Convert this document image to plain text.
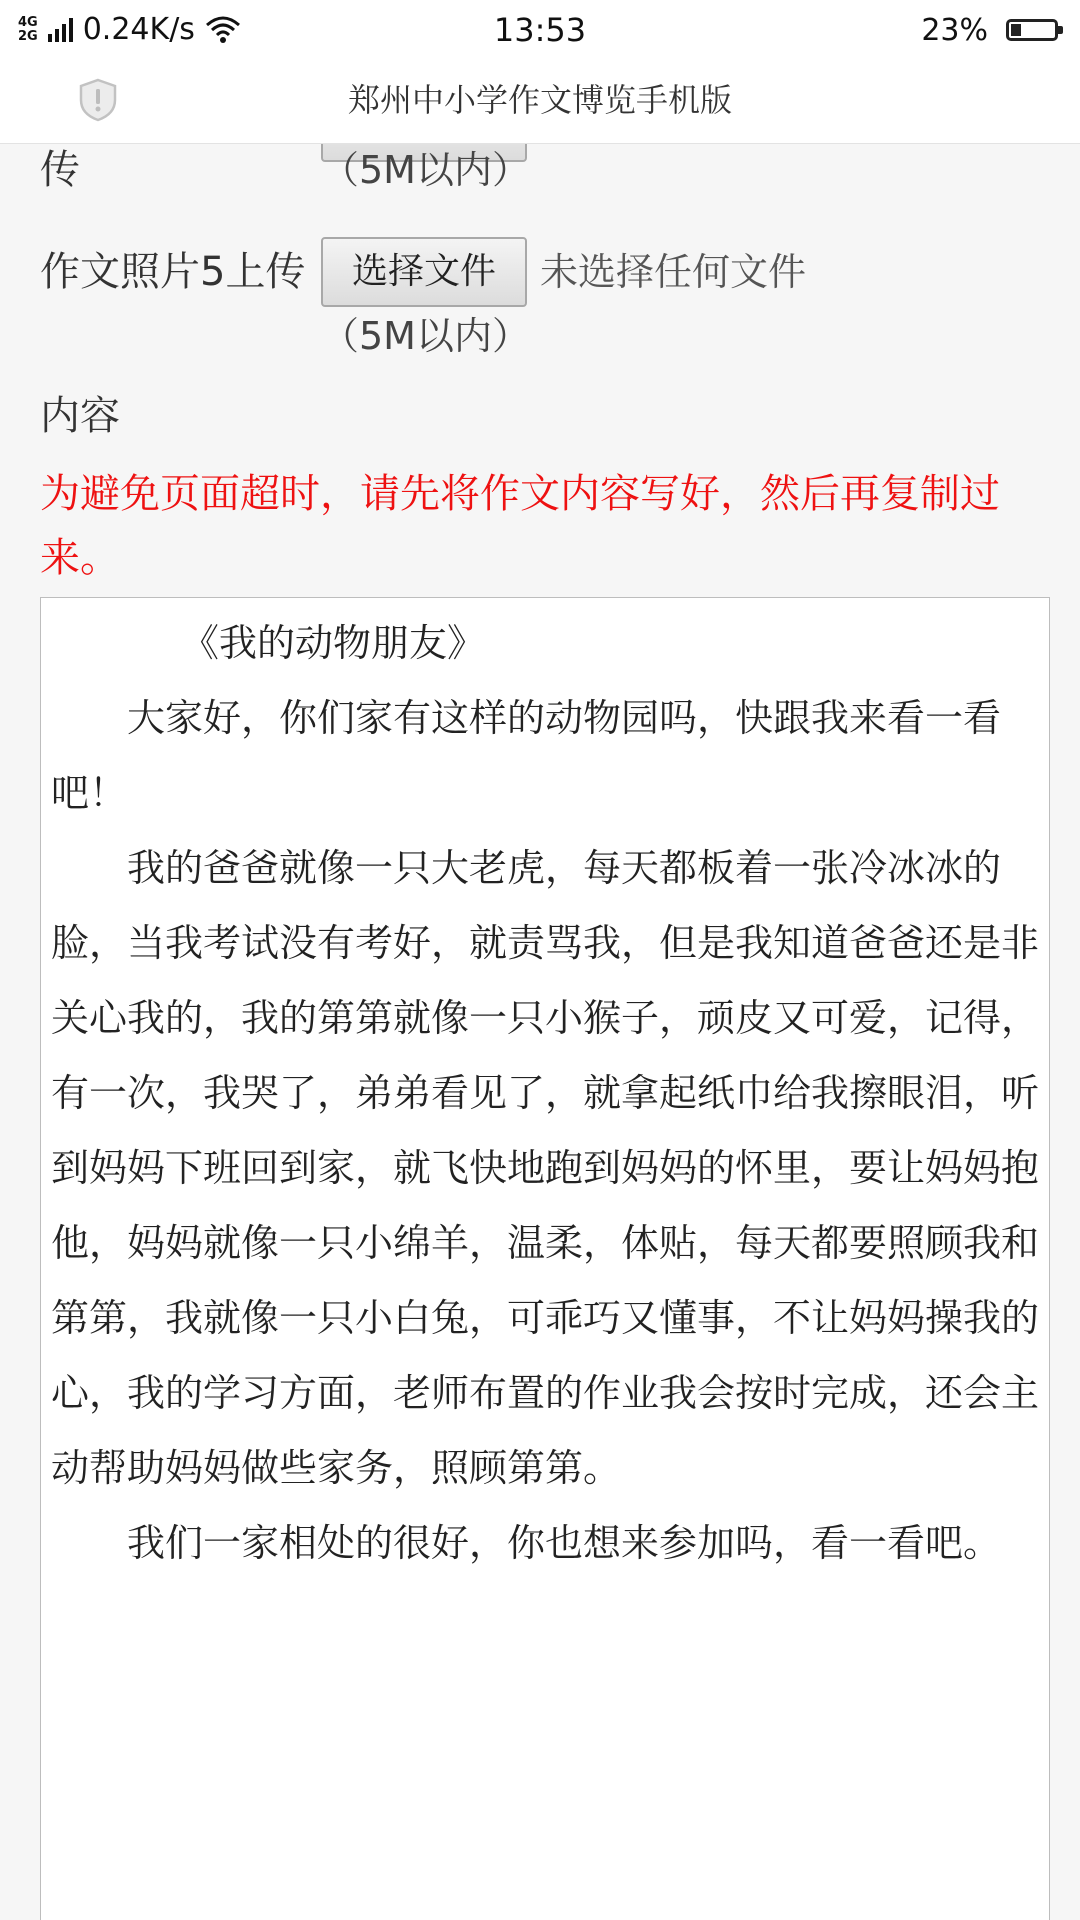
4G
2G 0.24K/s	13:53	23%
郑州中小学作文博览手机版
传	（5M以内）
作文照片5上传	选择文件	未选择任何文件
（5M以内）
内容
为避免页面超时，请先将作文内容写好，然后再复制过来。
《我的动物朋友》
大家好，你们家有这样的动物园吗，快跟我来看一看吧！
我的爸爸就像一只大老虎，每天都板着一张冷冰冰的脸，当我考试没有考好，就责骂我，但是我知道爸爸还是非关心我的，我的第第就像一只小猴子，顽皮又可爱，记得，有一次，我哭了，弟弟看见了，就拿起纸巾给我擦眼泪，听到妈妈下班回到家，就飞快地跑到妈妈的怀里，要让妈妈抱他，妈妈就像一只小绵羊，温柔，体贴，每天都要照顾我和第第，我就像一只小白兔，可乖巧又懂事，不让妈妈操我的心，我的学习方面，老师布置的作业我会按时完成，还会主动帮助妈妈做些家务，照顾第第。
我们一家相处的很好，你也想来参加吗，看一看吧。
